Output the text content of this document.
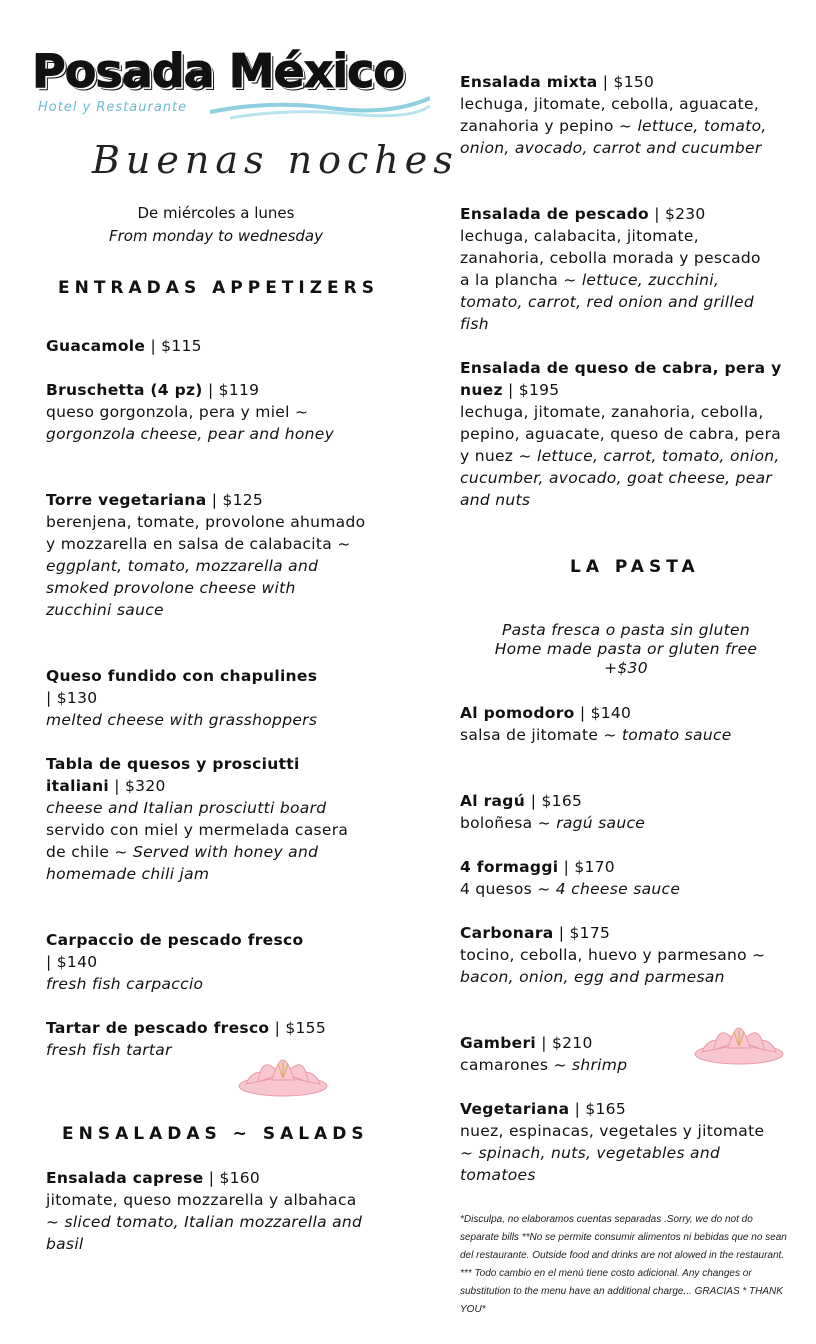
Posada México
Hotel y Restaurante
Buenas noches
De miércoles a lunes
From monday to wednesday
ENTRADAS APPETIZERS
Guacamole | $115
Bruschetta (4 pz) | $119
queso gorgonzola, pera y miel ~ gorgonzola cheese, pear and honey
Torre vegetariana | $125
berenjena, tomate, provolone ahumado y mozzarella en salsa de calabacita ~ eggplant, tomato, mozzarella and smoked provolone cheese with zucchini sauce
Queso fundido con chapulines
| $130
melted cheese with grasshoppers
Tabla de quesos y prosciutti italiani | $320
cheese and Italian prosciutti board
servido con miel y mermelada casera de chile ~ Served with honey and homemade chili jam
Carpaccio de pescado fresco
| $140
fresh fish carpaccio
Tartar de pescado fresco | $155
fresh fish tartar
ENSALADAS ~ SALADS
Ensalada caprese | $160
jitomate, queso mozzarella y albahaca ~ sliced tomato, Italian mozzarella and basil
Ensalada mixta | $150
lechuga, jitomate, cebolla, aguacate, zanahoria y pepino ~ lettuce, tomato, onion, avocado, carrot and cucumber
Ensalada de pescado | $230
lechuga, calabacita, jitomate, zanahoria, cebolla morada y pescado a la plancha ~ lettuce, zucchini, tomato, carrot, red onion and grilled fish
Ensalada de queso de cabra, pera y nuez | $195
lechuga, jitomate, zanahoria, cebolla, pepino, aguacate, queso de cabra, pera y nuez ~ lettuce, carrot, tomato, onion, cucumber, avocado, goat cheese, pear and nuts
LA PASTA
Pasta fresca o pasta sin gluten
Home made pasta or gluten free
+$30
Al pomodoro | $140
salsa de jitomate ~ tomato sauce
Al ragú | $165
boloñesa ~ ragú sauce
4 formaggi | $170
4 quesos ~ 4 cheese sauce
Carbonara | $175
tocino, cebolla, huevo y parmesano ~ bacon, onion, egg and parmesan
Gamberi | $210
camarones ~ shrimp
Vegetariana | $165
nuez, espinacas, vegetales y jitomate ~ spinach, nuts, vegetables and tomatoes
*Disculpa, no elaboramos cuentas separadas .Sorry, we do not do separate bills **No se permite consumir alimentos ni bebidas que no sean del restaurante. Outside food and drinks are not alowed in the restaurant. *** Todo cambio en el menú tiene costo adicional. Any changes or substitution to the menu have an additional charge... GRACIAS * THANK YOU*
